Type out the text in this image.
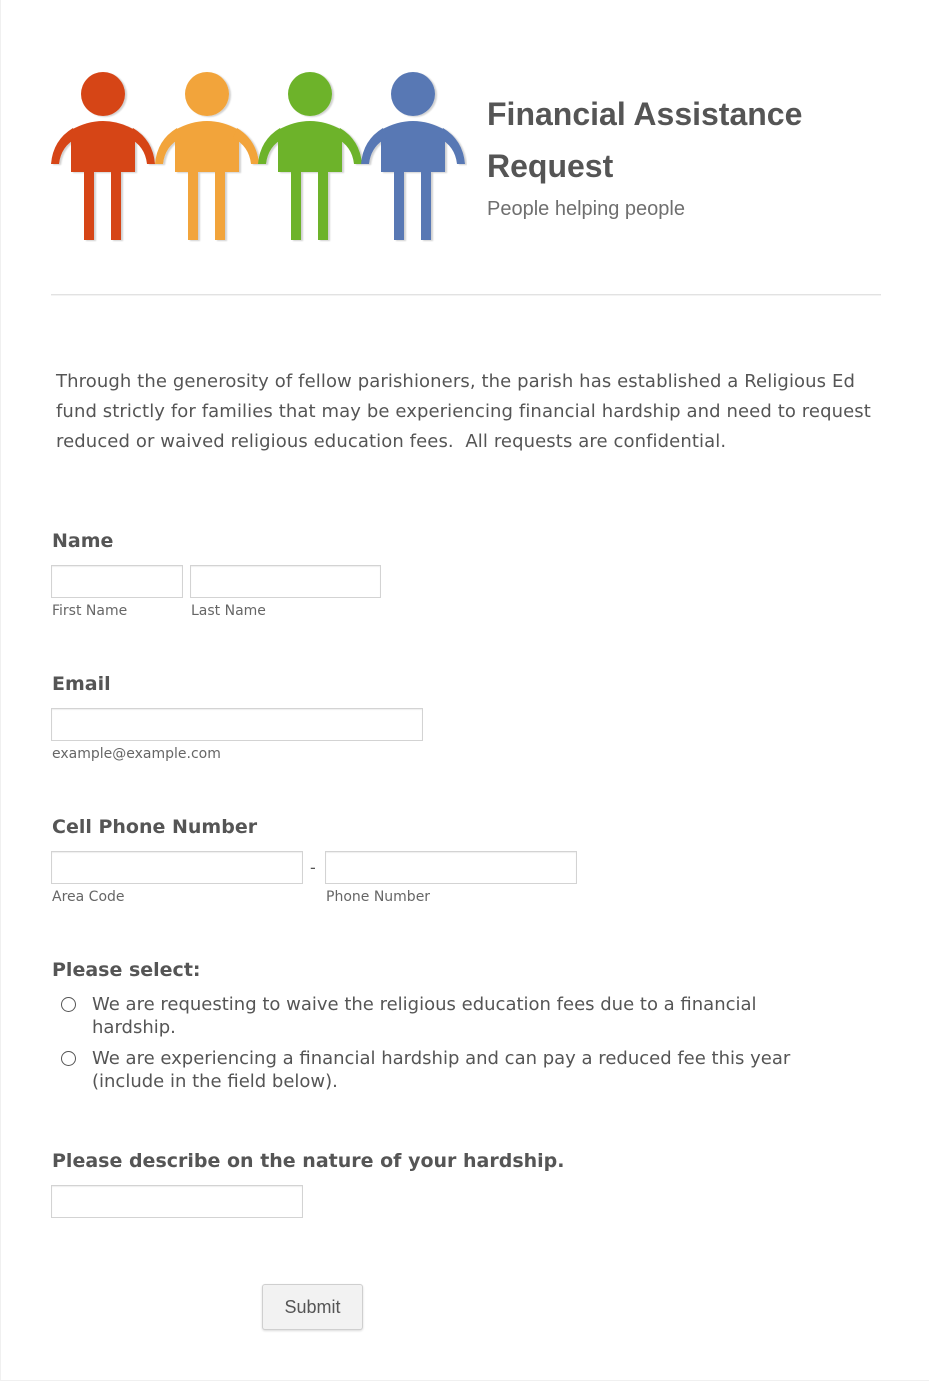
Financial Assistance Request
People helping people
Through the generosity of fellow parishioners, the parish has established a Religious Ed fund strictly for families that may be experiencing financial hardship and need to request reduced or waived religious education fees.  All requests are confidential.
Name
First Name	Last Name
Email
example@example.com
Cell Phone Number
-
Area Code	Phone Number
Please select:
We are requesting to waive the religious education fees due to a financial hardship.
We are experiencing a financial hardship and can pay a reduced fee this year (include in the field below).
Please describe on the nature of your hardship.
Submit
